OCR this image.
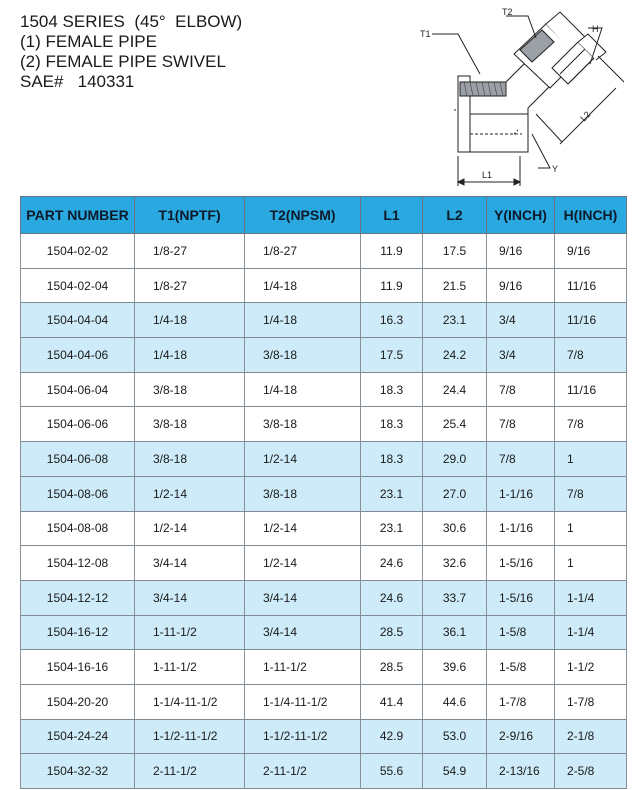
1504 SERIES  (45°  ELBOW)
(1) FEMALE PIPE
(2) FEMALE PIPE SWIVEL
SAE#   140331
T1
T2
H
L1
L2
Y
PART NUMBER	T1(NPTF)	T2(NPSM)	L1	L2	Y(INCH)	H(INCH)
1504-02-02	1/8-27	1/8-27	11.9	17.5	9/16	9/16
1504-02-04	1/8-27	1/4-18	11.9	21.5	9/16	11/16
1504-04-04	1/4-18	1/4-18	16.3	23.1	3/4	11/16
1504-04-06	1/4-18	3/8-18	17.5	24.2	3/4	7/8
1504-06-04	3/8-18	1/4-18	18.3	24.4	7/8	11/16
1504-06-06	3/8-18	3/8-18	18.3	25.4	7/8	7/8
1504-06-08	3/8-18	1/2-14	18.3	29.0	7/8	1
1504-08-06	1/2-14	3/8-18	23.1	27.0	1-1/16	7/8
1504-08-08	1/2-14	1/2-14	23.1	30.6	1-1/16	1
1504-12-08	3/4-14	1/2-14	24.6	32.6	1-5/16	1
1504-12-12	3/4-14	3/4-14	24.6	33.7	1-5/16	1-1/4
1504-16-12	1-11-1/2	3/4-14	28.5	36.1	1-5/8	1-1/4
1504-16-16	1-11-1/2	1-11-1/2	28.5	39.6	1-5/8	1-1/2
1504-20-20	1-1/4-11-1/2	1-1/4-11-1/2	41.4	44.6	1-7/8	1-7/8
1504-24-24	1-1/2-11-1/2	1-1/2-11-1/2	42.9	53.0	2-9/16	2-1/8
1504-32-32	2-11-1/2	2-11-1/2	55.6	54.9	2-13/16	2-5/8
